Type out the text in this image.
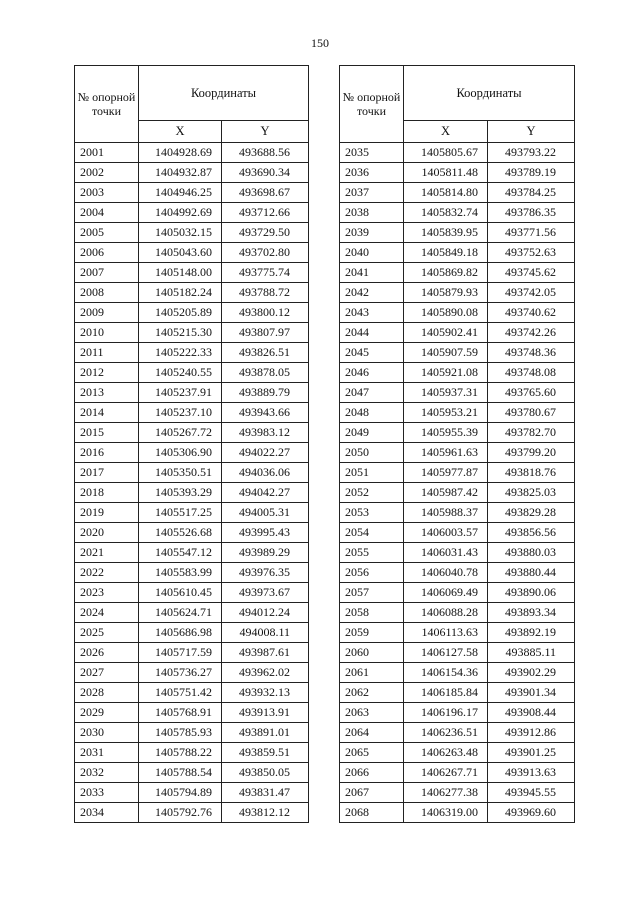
150
№ опорной точки	Координаты	
	X	Y
2001	1404928.69	493688.56
2002	1404932.87	493690.34
2003	1404946.25	493698.67
2004	1404992.69	493712.66
2005	1405032.15	493729.50
2006	1405043.60	493702.80
2007	1405148.00	493775.74
2008	1405182.24	493788.72
2009	1405205.89	493800.12
2010	1405215.30	493807.97
2011	1405222.33	493826.51
2012	1405240.55	493878.05
2013	1405237.91	493889.79
2014	1405237.10	493943.66
2015	1405267.72	493983.12
2016	1405306.90	494022.27
2017	1405350.51	494036.06
2018	1405393.29	494042.27
2019	1405517.25	494005.31
2020	1405526.68	493995.43
2021	1405547.12	493989.29
2022	1405583.99	493976.35
2023	1405610.45	493973.67
2024	1405624.71	494012.24
2025	1405686.98	494008.11
2026	1405717.59	493987.61
2027	1405736.27	493962.02
2028	1405751.42	493932.13
2029	1405768.91	493913.91
2030	1405785.93	493891.01
2031	1405788.22	493859.51
2032	1405788.54	493850.05
2033	1405794.89	493831.47
2034	1405792.76	493812.12
№ опорной точки	Координаты	
	X	Y
2035	1405805.67	493793.22
2036	1405811.48	493789.19
2037	1405814.80	493784.25
2038	1405832.74	493786.35
2039	1405839.95	493771.56
2040	1405849.18	493752.63
2041	1405869.82	493745.62
2042	1405879.93	493742.05
2043	1405890.08	493740.62
2044	1405902.41	493742.26
2045	1405907.59	493748.36
2046	1405921.08	493748.08
2047	1405937.31	493765.60
2048	1405953.21	493780.67
2049	1405955.39	493782.70
2050	1405961.63	493799.20
2051	1405977.87	493818.76
2052	1405987.42	493825.03
2053	1405988.37	493829.28
2054	1406003.57	493856.56
2055	1406031.43	493880.03
2056	1406040.78	493880.44
2057	1406069.49	493890.06
2058	1406088.28	493893.34
2059	1406113.63	493892.19
2060	1406127.58	493885.11
2061	1406154.36	493902.29
2062	1406185.84	493901.34
2063	1406196.17	493908.44
2064	1406236.51	493912.86
2065	1406263.48	493901.25
2066	1406267.71	493913.63
2067	1406277.38	493945.55
2068	1406319.00	493969.60
